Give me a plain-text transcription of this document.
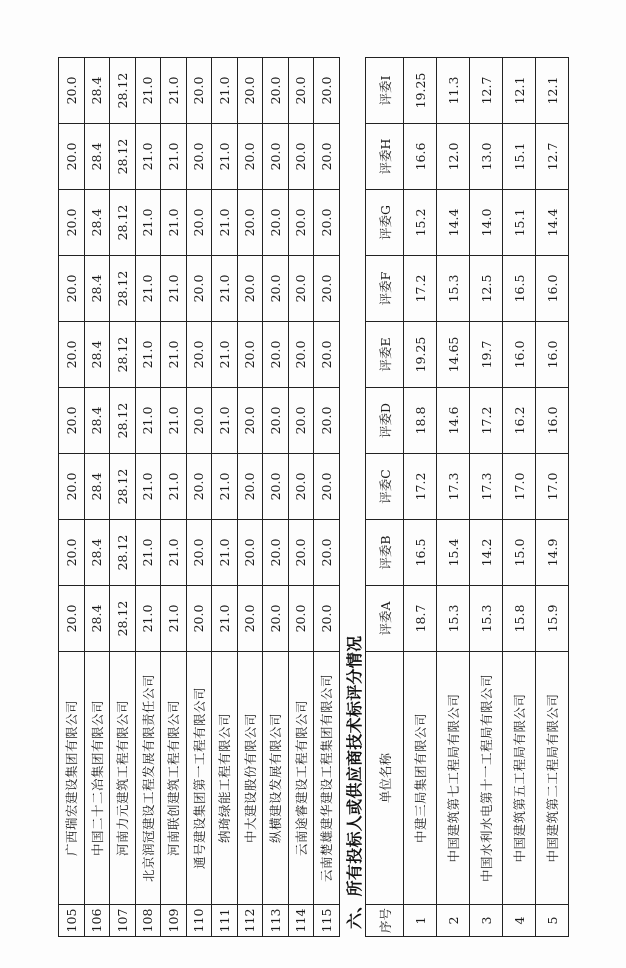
105	广西瑞宏建设集团有限公司	20.0	20.0	20.0	20.0	20.0	20.0	20.0	20.0	20.0
106	中国二十二冶集团有限公司	28.4	28.4	28.4	28.4	28.4	28.4	28.4	28.4	28.4
107	河南力元建筑工程有限公司	28.12	28.12	28.12	28.12	28.12	28.12	28.12	28.12	28.12
108	北京润冠建设工程发展有限责任公司	21.0	21.0	21.0	21.0	21.0	21.0	21.0	21.0	21.0
109	河南联创建筑工程有限公司	21.0	21.0	21.0	21.0	21.0	21.0	21.0	21.0	21.0
110	通号建设集团第一工程有限公司	20.0	20.0	20.0	20.0	20.0	20.0	20.0	20.0	20.0
111	纳琦绿能工程有限公司	21.0	21.0	21.0	21.0	21.0	21.0	21.0	21.0	21.0
112	中大建设股份有限公司	20.0	20.0	20.0	20.0	20.0	20.0	20.0	20.0	20.0
113	纵横建设发展有限公司	20.0	20.0	20.0	20.0	20.0	20.0	20.0	20.0	20.0
114	云南途睿建设工程有限公司	20.0	20.0	20.0	20.0	20.0	20.0	20.0	20.0	20.0
115	云南楚雄建华建设工程集团有限公司	20.0	20.0	20.0	20.0	20.0	20.0	20.0	20.0	20.0
六、所有投标人或供应商技术标评分情况 序号	单位名称	评委A	评委B	评委C	评委D	评委E	评委F	评委G	评委H	评委I
1	中建三局集团有限公司	18.7	16.5	17.2	18.8	19.25	17.2	15.2	16.6	19.25
2	中国建筑第七工程局有限公司	15.3	15.4	17.3	14.6	14.65	15.3	14.4	12.0	11.3
3	中国水利水电第十一工程局有限公司	15.3	14.2	17.3	17.2	19.7	12.5	14.0	13.0	12.7
4	中国建筑第五工程局有限公司	15.8	15.0	17.0	16.2	16.0	16.5	15.1	15.1	12.1
5	中国建筑第二工程局有限公司	15.9	14.9	17.0	16.0	16.0	16.0	14.4	12.7	12.1
